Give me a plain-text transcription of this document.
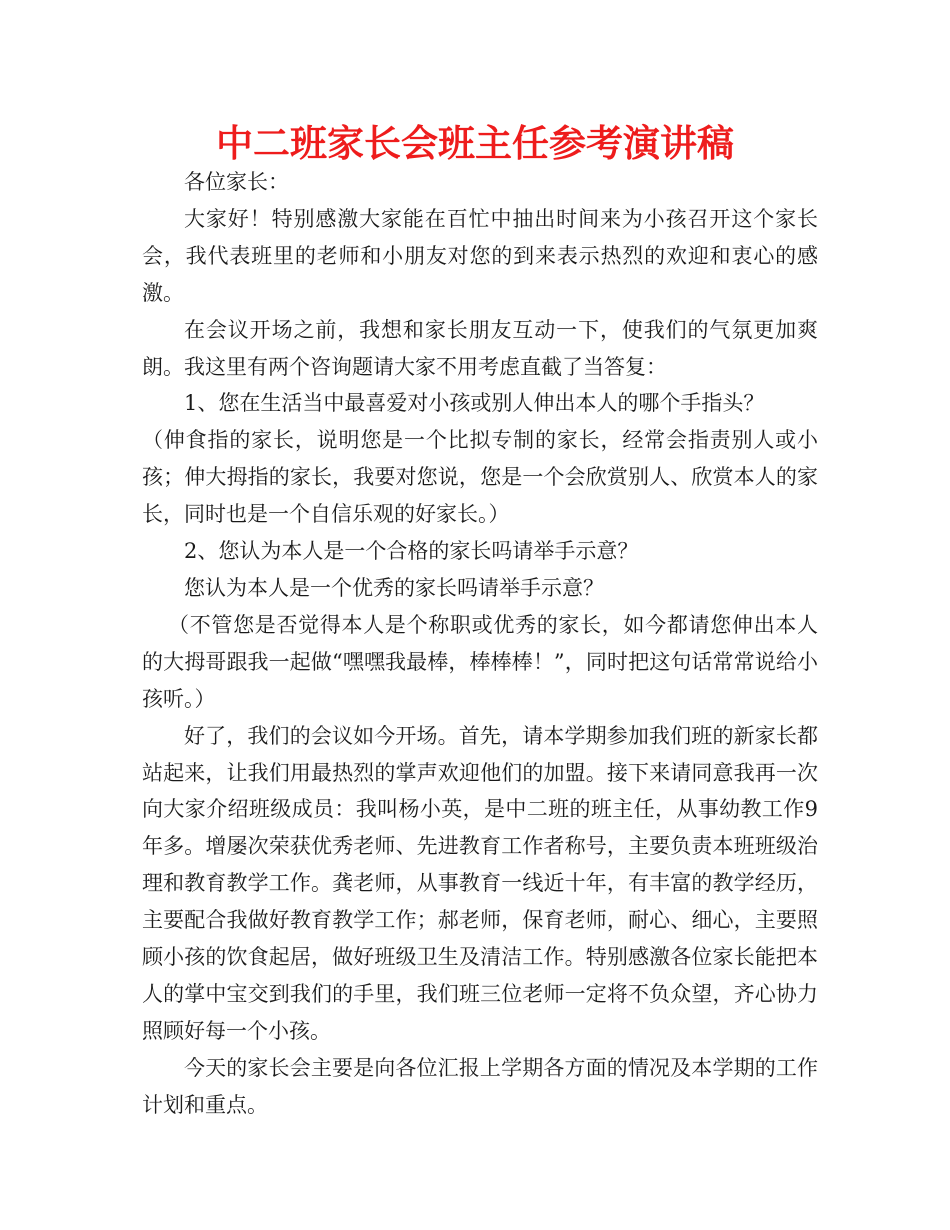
中二班家长会班主任参考演讲稿

各位家长：

大家好！特别感激大家能在百忙中抽出时间来为小孩召开这个家长会，我代表班里的老师和小朋友对您的到来表示热烈的欢迎和衷心的感激。

在会议开场之前，我想和家长朋友互动一下，使我们的气氛更加爽朗。我这里有两个咨询题请大家不用考虑直截了当答复：

1、您在生活当中最喜爱对小孩或别人伸出本人的哪个手指头？

（伸食指的家长，说明您是一个比拟专制的家长，经常会指责别人或小孩；伸大拇指的家长，我要对您说，您是一个会欣赏别人、欣赏本人的家长，同时也是一个自信乐观的好家长。）

2、您认为本人是一个合格的家长吗请举手示意？

您认为本人是一个优秀的家长吗请举手示意？

（不管您是否觉得本人是个称职或优秀的家长，如今都请您伸出本人的大拇哥跟我一起做“嘿嘿我最棒，棒棒棒！”，同时把这句话常常说给小孩听。）

好了，我们的会议如今开场。首先，请本学期参加我们班的新家长都站起来，让我们用最热烈的掌声欢迎他们的加盟。接下来请同意我再一次向大家介绍班级成员：我叫杨小英，是中二班的班主任，从事幼教工作9年多。增屡次荣获优秀老师、先进教育工作者称号，主要负责本班班级治理和教育教学工作。龚老师，从事教育一线近十年，有丰富的教学经历，主要配合我做好教育教学工作；郝老师，保育老师，耐心、细心，主要照顾小孩的饮食起居，做好班级卫生及清洁工作。特别感激各位家长能把本人的掌中宝交到我们的手里，我们班三位老师一定将不负众望，齐心协力照顾好每一个小孩。

今天的家长会主要是向各位汇报上学期各方面的情况及本学期的工作计划和重点。
